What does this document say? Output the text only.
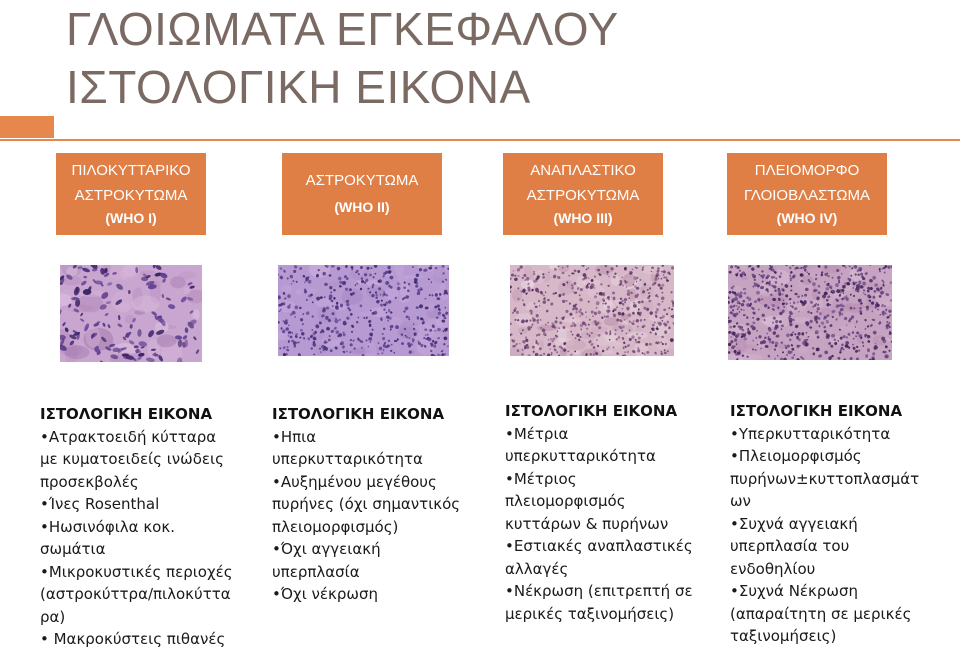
ΓΛΟΙΩΜΑΤΑ ΕΓΚΕΦΑΛΟΥ
ΙΣΤΟΛΟΓΙΚΗ ΕΙΚΟΝΑ
ΠΙΛΟΚΥΤΤΑΡΙΚΟ
ΑΣΤΡΟΚΥΤΩΜΑ
(WHO I)
ΑΣΤΡΟΚΥΤΩΜΑ
(WHO II)
ΑΝΑΠΛΑΣΤΙΚΟ
ΑΣΤΡΟΚΥΤΩΜΑ
(WHO III)
ΠΛΕΙΟΜΟΡΦΟ
ΓΛΟΙΟΒΛΑΣΤΩΜΑ
(WHO IV)
ΙΣΤΟΛΟΓΙΚΗ ΕΙΚΟΝΑ
•Ατρακτοειδή κύτταρα
με κυματοειδείς ινώδεις
προσεκβολές
•Ίνες Rosenthal
•Ηωσινόφιλα κοκ.
σωμάτια
•Μικροκυστικές περιοχές
(αστροκύττρα/πιλοκύττα
ρα)
• Μακροκύστεις πιθανές
ΙΣΤΟΛΟΓΙΚΗ ΕΙΚΟΝΑ
•Ηπια
υπερκυτταρικότητα
•Αυξημένου μεγέθους
πυρήνες (όχι σημαντικός
πλειομορφισμός)
•Όχι αγγειακή
υπερπλασία
•Όχι νέκρωση
ΙΣΤΟΛΟΓΙΚΗ ΕΙΚΟΝΑ
•Μέτρια
υπερκυτταρικότητα
•Μέτριος
πλειομορφισμός
κυττάρων & πυρήνων
•Εστιακές αναπλαστικές
αλλαγές
•Νέκρωση (επιτρεπτή σε
μερικές ταξινομήσεις)
ΙΣΤΟΛΟΓΙΚΗ ΕΙΚΟΝΑ
•Υπερκυτταρικότητα
•Πλειομορφισμός
πυρήνων±κυττοπλασμάτ
ων
•Συχνά αγγειακή
υπερπλασία του
ενδοθηλίου
•Συχνά Νέκρωση
(απαραίτητη σε μερικές
ταξινομήσεις)
